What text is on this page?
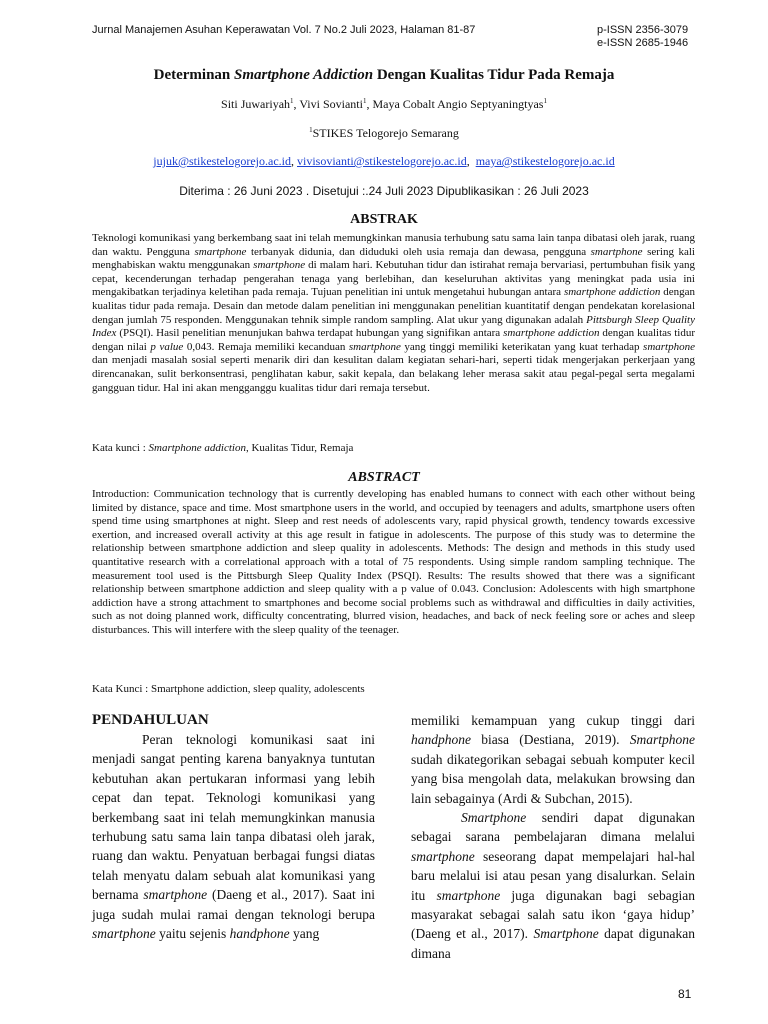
Jurnal Manajemen Asuhan Keperawatan Vol. 7 No.2 Juli 2023, Halaman 81-87	p-ISSN 2356-3079
e-ISSN 2685-1946
Determinan Smartphone Addiction Dengan Kualitas Tidur Pada Remaja
Siti Juwariyah$^1$, Vivi Sovianti$^1$, Maya Cobalt Angio Septyaningtyas$^1$
$^1$STIKES Telogorejo Semarang
jujuk@stikestelogorejo.ac.id, vivisovianti@stikestelogorejo.ac.id,  maya@stikestelogorejo.ac.id
Diterima : 26 Juni 2023 . Disetujui :.24 Juli 2023 Dipublikasikan : 26 Juli 2023
ABSTRAK
Teknologi komunikasi yang berkembang saat ini telah memungkinkan manusia terhubung satu sama lain tanpa dibatasi oleh jarak, ruang dan waktu. Pengguna smartphone terbanyak didunia, dan diduduki oleh usia remaja dan dewasa, pengguna smartphone sering kali menghabiskan waktu menggunakan smartphone di malam hari. Kebutuhan tidur dan istirahat remaja bervariasi, pertumbuhan fisik yang cepat, kecenderungan terhadap pengerahan tenaga yang berlebihan, dan keseluruhan aktivitas yang meningkat pada usia ini mengakibatkan terjadinya keletihan pada remaja. Tujuan penelitian ini untuk mengetahui hubungan antara smartphone addiction dengan kualitas tidur pada remaja. Desain dan metode dalam penelitian ini menggunakan penelitian kuantitatif dengan pendekatan korelasional dengan jumlah 75 responden. Menggunakan tehnik simple random sampling. Alat ukur yang digunakan adalah Pittsburgh Sleep Quality Index (PSQI). Hasil penelitian menunjukan bahwa terdapat hubungan yang signifikan antara smartphone addiction dengan kualitas tidur dengan nilai p value 0,043. Remaja memiliki kecanduan smartphone yang tinggi memiliki keterikatan yang kuat terhadap smartphone dan menjadi masalah sosial seperti menarik diri dan kesulitan dalam kegiatan sehari-hari, seperti tidak mengerjakan perkerjaan yang direncanakan, sulit berkonsentrasi, penglihatan kabur, sakit kepala, dan belakang leher merasa sakit atau pegal-pegal serta megalami gangguan tidur. Hal ini akan mengganggu kualitas tidur dari remaja tersebut.
Kata kunci : Smartphone addiction, Kualitas Tidur, Remaja
ABSTRACT
Introduction: Communication technology that is currently developing has enabled humans to connect with each other without being limited by distance, space and time. Most smartphone users in the world, and occupied by teenagers and adults, smartphone users often spend time using smartphones at night. Sleep and rest needs of adolescents vary, rapid physical growth, tendency towards excessive exertion, and increased overall activity at this age result in fatigue in adolescents. The purpose of this study was to determine the relationship between smartphone addiction and sleep quality in adolescents. Methods: The design and methods in this study used quantitative research with a correlational approach with a total of 75 respondents. Using simple random sampling technique. The measurement tool used is the Pittsburgh Sleep Quality Index (PSQI). Results: The results showed that there was a significant relationship between smartphone addiction and sleep quality with a p value of 0.043. Conclusion: Adolescents with high smartphone addiction have a strong attachment to smartphones and become social problems such as withdrawal and difficulties in daily activities, such as not doing planned work, difficulty concentrating, blurred vision, headaches, and back of neck feeling sore or aches and sleep disturbances. This will interfere with the sleep quality of the teenager.
Kata Kunci : Smartphone addiction, sleep quality, adolescents
PENDAHULUAN
Peran teknologi komunikasi saat ini menjadi sangat penting karena banyaknya tuntutan kebutuhan akan pertukaran informasi yang lebih cepat dan tepat. Teknologi komunikasi yang berkembang saat ini telah memungkinkan manusia terhubung satu sama lain tanpa dibatasi oleh jarak, ruang dan waktu. Penyatuan berbagai fungsi diatas telah menyatu dalam sebuah alat komunikasi yang bernama smartphone (Daeng et al., 2017). Saat ini juga sudah mulai ramai dengan teknologi berupa smartphone yaitu sejenis handphone yang
memiliki kemampuan yang cukup tinggi dari handphone biasa (Destiana, 2019). Smartphone sudah dikategorikan sebagai sebuah komputer kecil yang bisa mengolah data, melakukan browsing dan lain sebagainya (Ardi & Subchan, 2015).
Smartphone sendiri dapat digunakan sebagai sarana pembelajaran dimana melalui smartphone seseorang dapat mempelajari hal-hal baru melalui isi atau pesan yang disalurkan. Selain itu smartphone juga digunakan bagi sebagian masyarakat sebagai salah satu ikon ‘gaya hidup’ (Daeng et al., 2017). Smartphone dapat digunakan dimana
81
